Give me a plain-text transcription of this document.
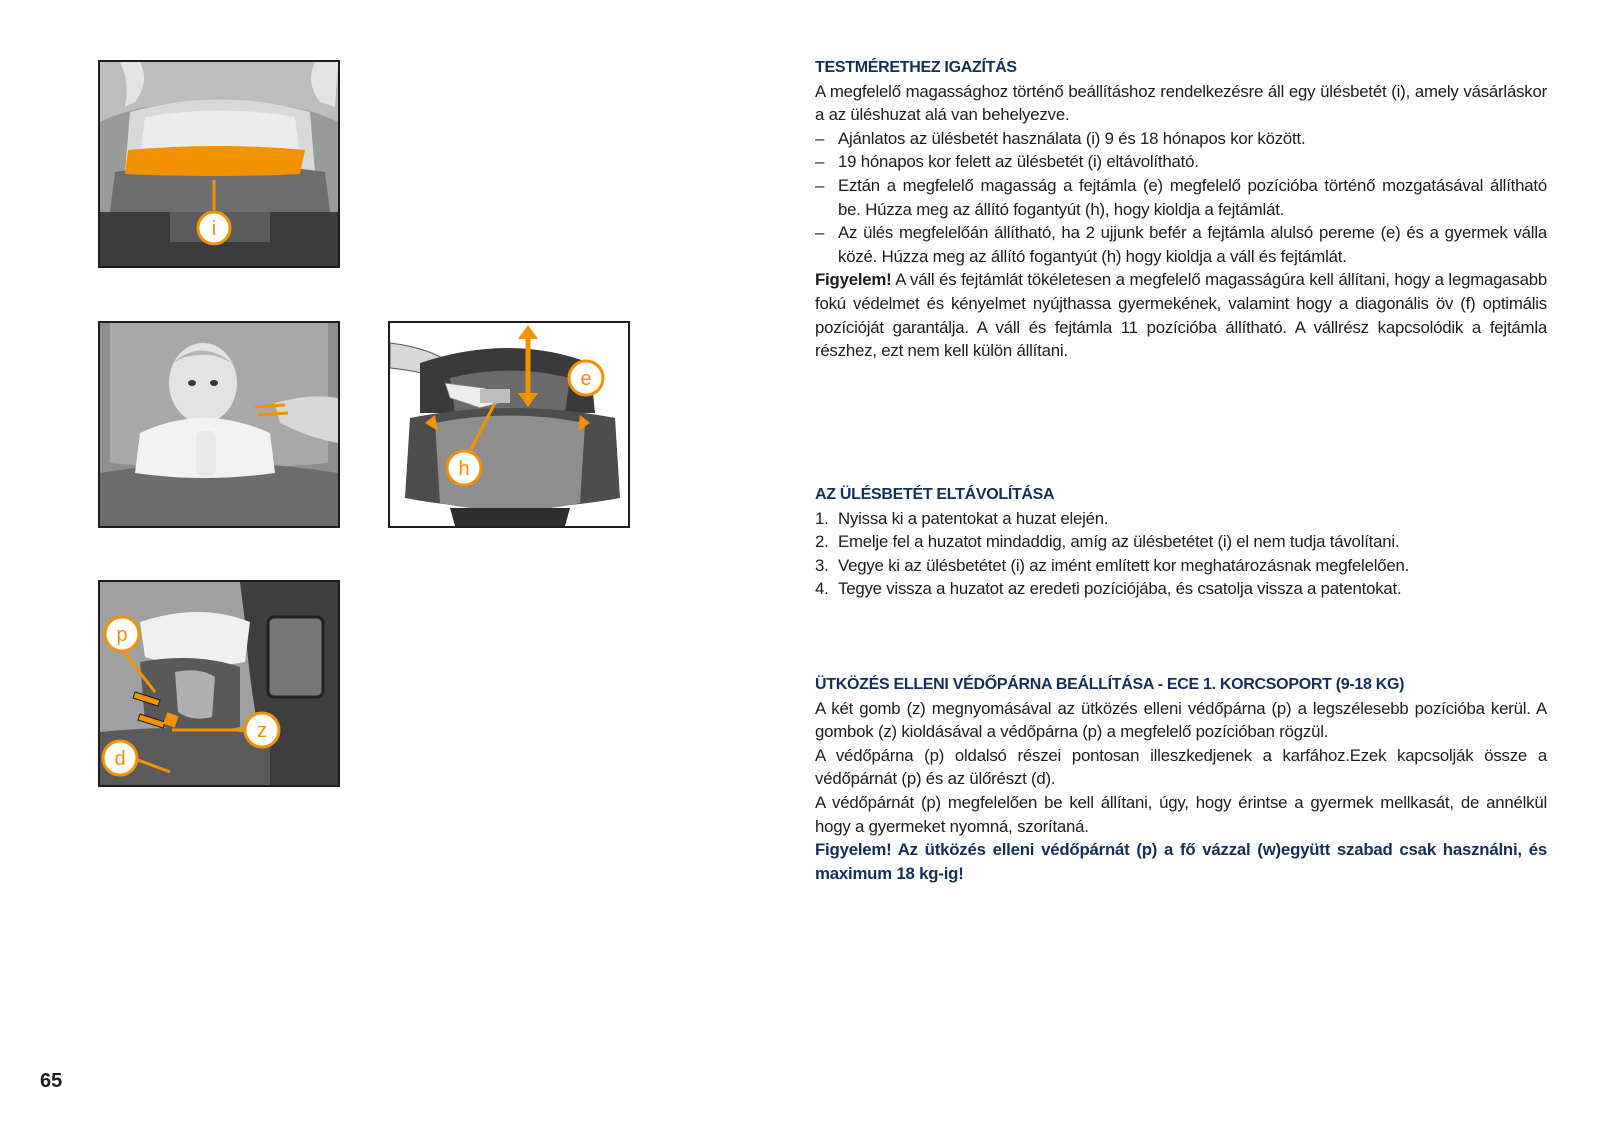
i
e
h
p
z
d

TESTMÉRETHEZ IGAZÍTÁS

A megfelelő magassághoz történő beállításhoz rendelkezésre áll egy ülésbetét (i), amely vásárláskor a az üléshuzat alá van behelyezve.

– Ajánlatos az ülésbetét használata (i) 9 és 18 hónapos kor között.
– 19 hónapos kor felett az ülésbetét (i) eltávolítható.
– Eztán a megfelelő magasság a fejtámla (e) megfelelő pozícióba történő mozgatásával állítható be. Húzza meg az állító fogantyút (h), hogy kioldja a fejtámlát.
– Az ülés megfelelőán állítható, ha 2 ujjunk befér a fejtámla alulsó pereme (e) és a gyermek válla közé. Húzza meg az állító fogantyút (h) hogy kioldja a váll és fejtámlát.

Figyelem! A váll és fejtámlát tökéletesen a megfelelő magasságúra kell állítani, hogy a legmagasabb fokú védelmet és kényelmet nyújthassa gyermekének, valamint hogy a diagonális öv (f) optimális pozícióját garantálja. A váll és fejtámla 11 pozícióba állítható. A vállrész kapcsolódik a fejtámla részhez, ezt nem kell külön állítani.

AZ ÜLÉSBETÉT ELTÁVOLÍTÁSA

1. Nyissa ki a patentokat a huzat elején.
2. Emelje fel a huzatot mindaddig, amíg az ülésbetétet (i) el nem tudja távolítani.
3. Vegye ki az ülésbetétet (i) az imént említett kor meghatározásnak megfelelően.
4. Tegye vissza a huzatot az eredeti pozíciójába, és csatolja vissza a patentokat.

ÜTKÖZÉS ELLENI VÉDŐPÁRNA BEÁLLÍTÁSA - ECE 1. KORCSOPORT (9-18 KG)

A két gomb (z) megnyomásával az ütközés elleni védőpárna (p) a legszélesebb pozícióba kerül. A gombok (z) kioldásával a védőpárna (p) a megfelelő pozícióban rögzül.

A védőpárna (p) oldalsó részei pontosan illeszkedjenek a karfához.Ezek kapcsolják össze a védőpárnát (p) és az ülőrészt (d).

A védőpárnát (p) megfelelően be kell állítani, úgy, hogy érintse a gyermek mellkasát, de annélkül hogy a gyermeket nyomná, szorítaná.

Figyelem! Az ütközés elleni védőpárnát (p) a fő vázzal (w)együtt szabad csak használni, és maximum 18 kg-ig!

65
